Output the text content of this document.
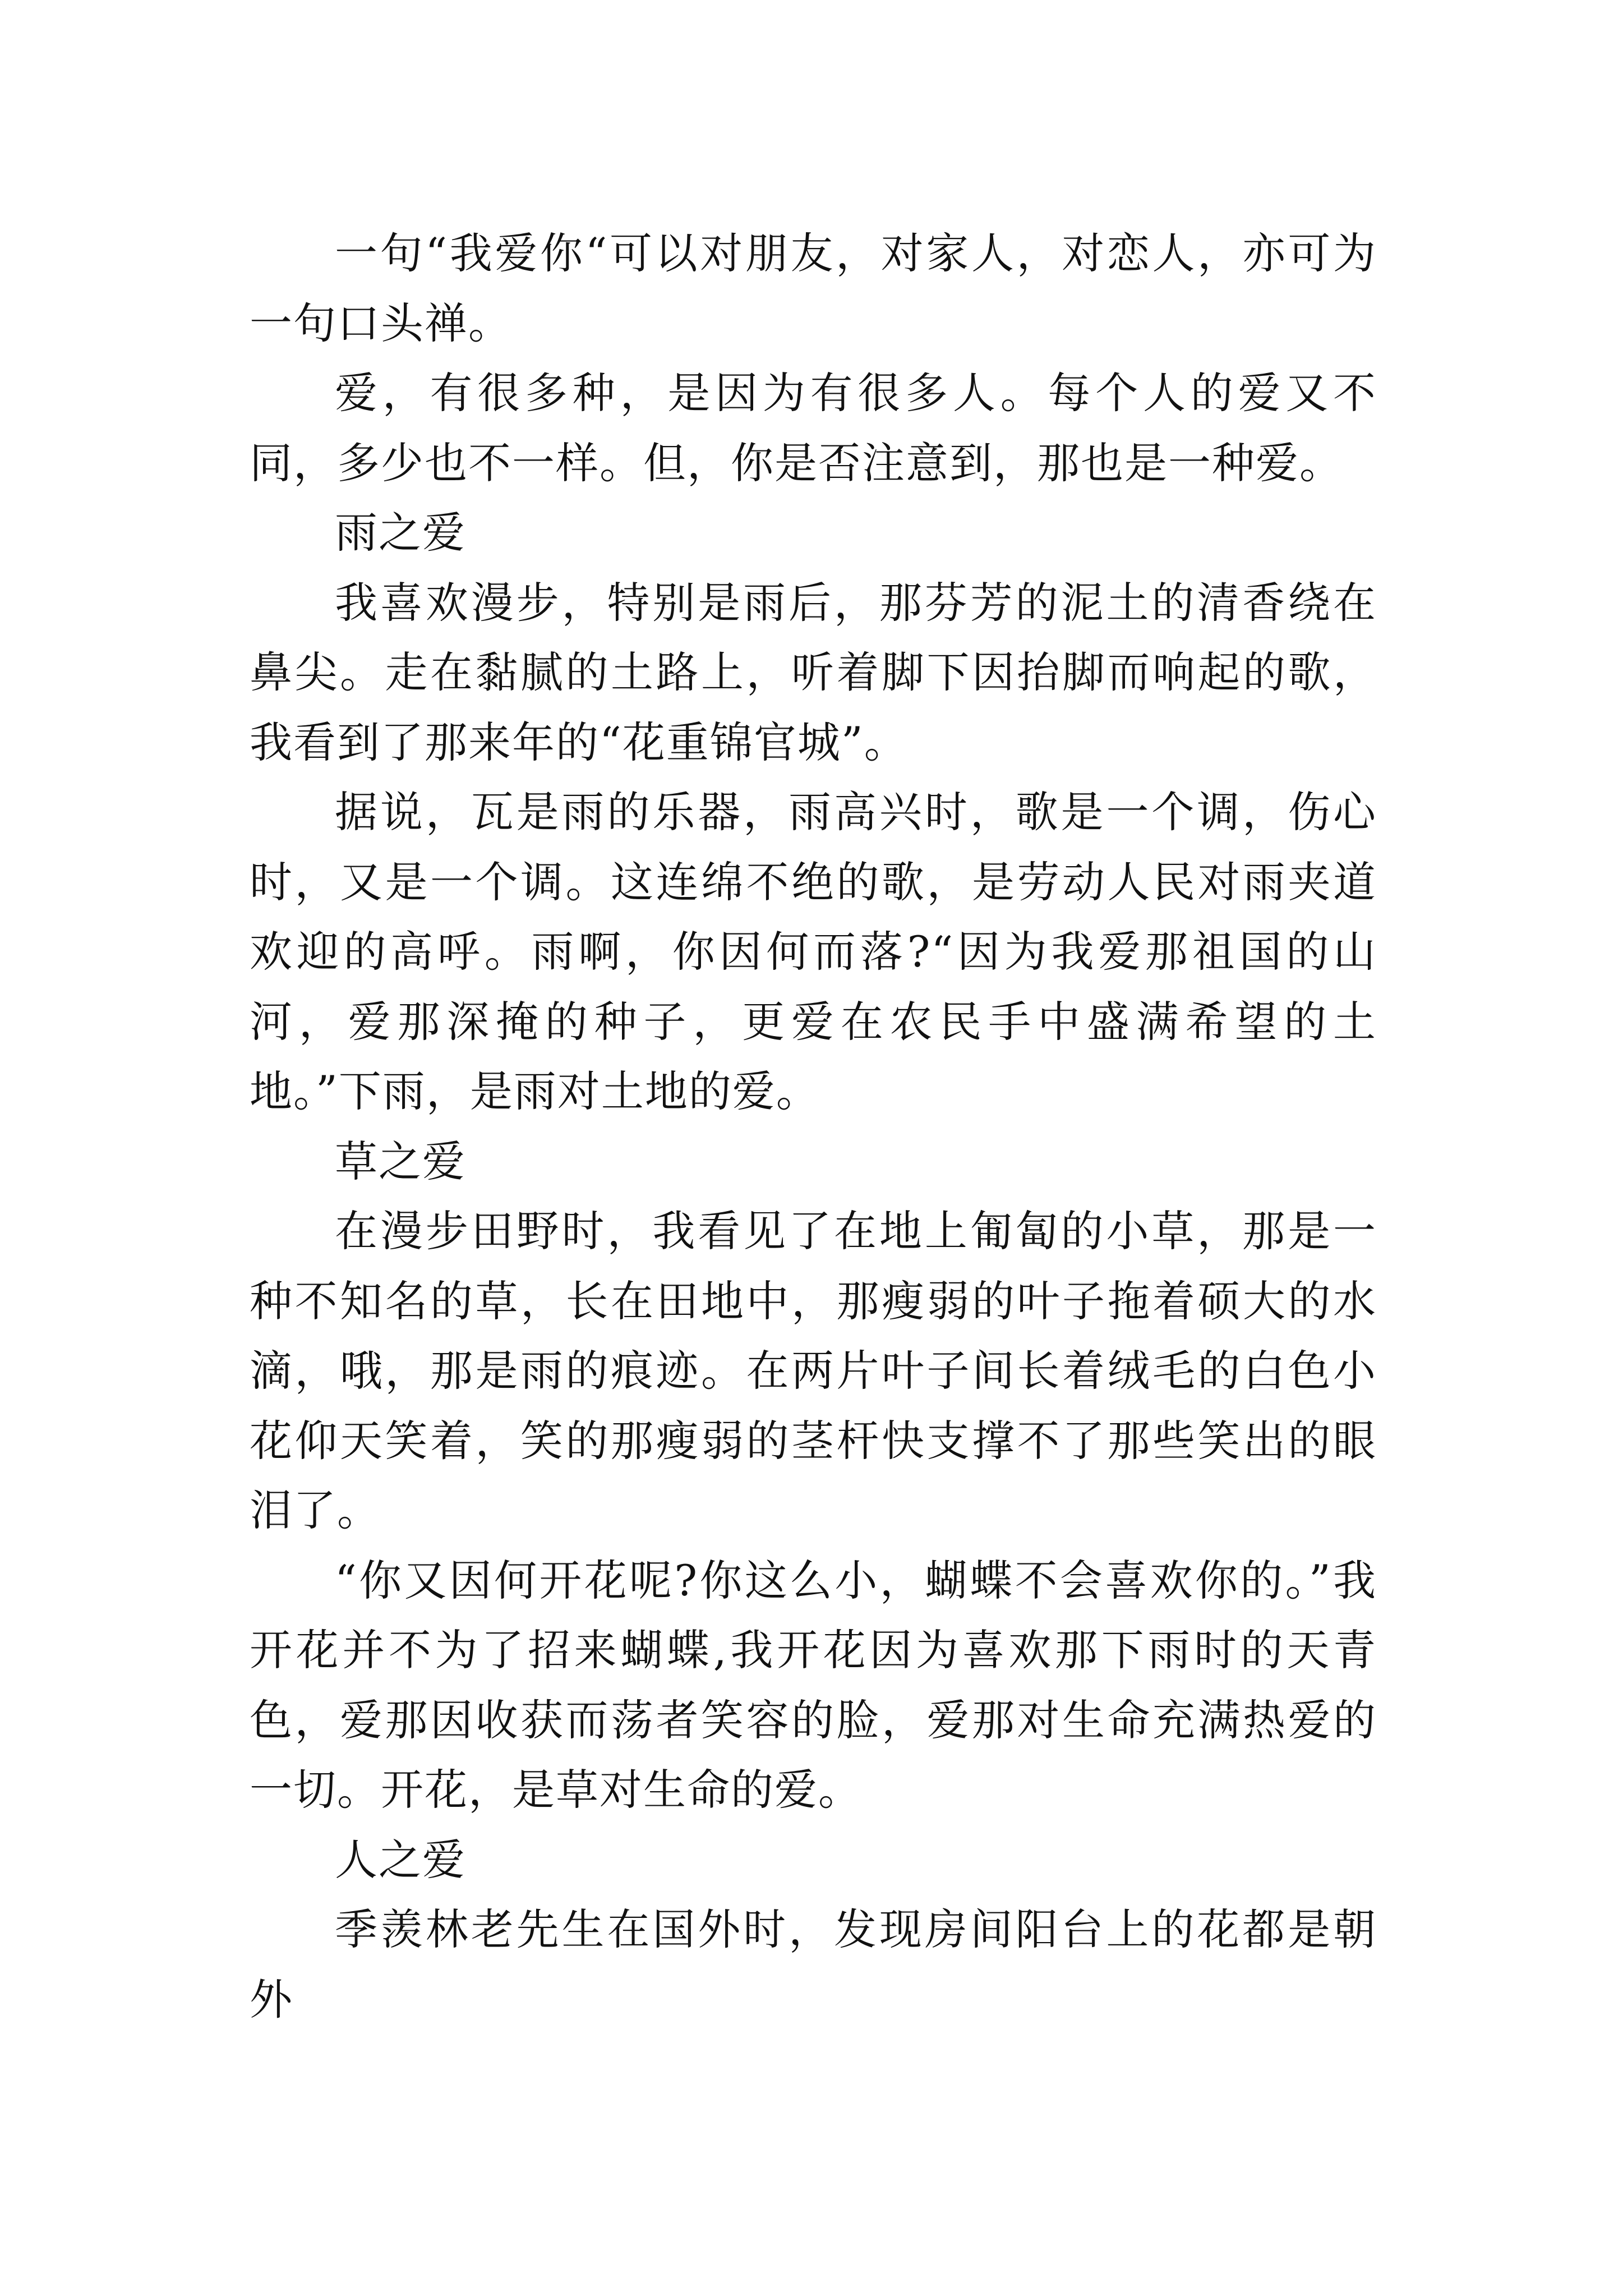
一句“我爱你“可以对朋友，对家人，对恋人，亦可为一句口头禅。

爱，有很多种，是因为有很多人。每个人的爱又不同，多少也不一样。但，你是否注意到，那也是一种爱。

雨之爱

我喜欢漫步，特别是雨后，那芬芳的泥土的清香绕在鼻尖。走在黏腻的土路上，听着脚下因抬脚而响起的歌，我看到了那来年的“花重锦官城”。

据说，瓦是雨的乐器，雨高兴时，歌是一个调，伤心时，又是一个调。这连绵不绝的歌，是劳动人民对雨夹道欢迎的高呼。雨啊，你因何而落?“因为我爱那祖国的山河，爱那深掩的种子，更爱在农民手中盛满希望的土地。”下雨，是雨对土地的爱。

草之爱

在漫步田野时，我看见了在地上匍匐的小草，那是一种不知名的草，长在田地中，那瘦弱的叶子拖着硕大的水滴，哦，那是雨的痕迹。在两片叶子间长着绒毛的白色小花仰天笑着，笑的那瘦弱的茎杆快支撑不了那些笑出的眼泪了。

“你又因何开花呢?你这么小，蝴蝶不会喜欢你的。”我开花并不为了招来蝴蝶,我开花因为喜欢那下雨时的天青色，爱那因收获而荡者笑容的脸，爱那对生命充满热爱的一切。开花，是草对生命的爱。

人之爱

季羡林老先生在国外时，发现房间阳台上的花都是朝外
